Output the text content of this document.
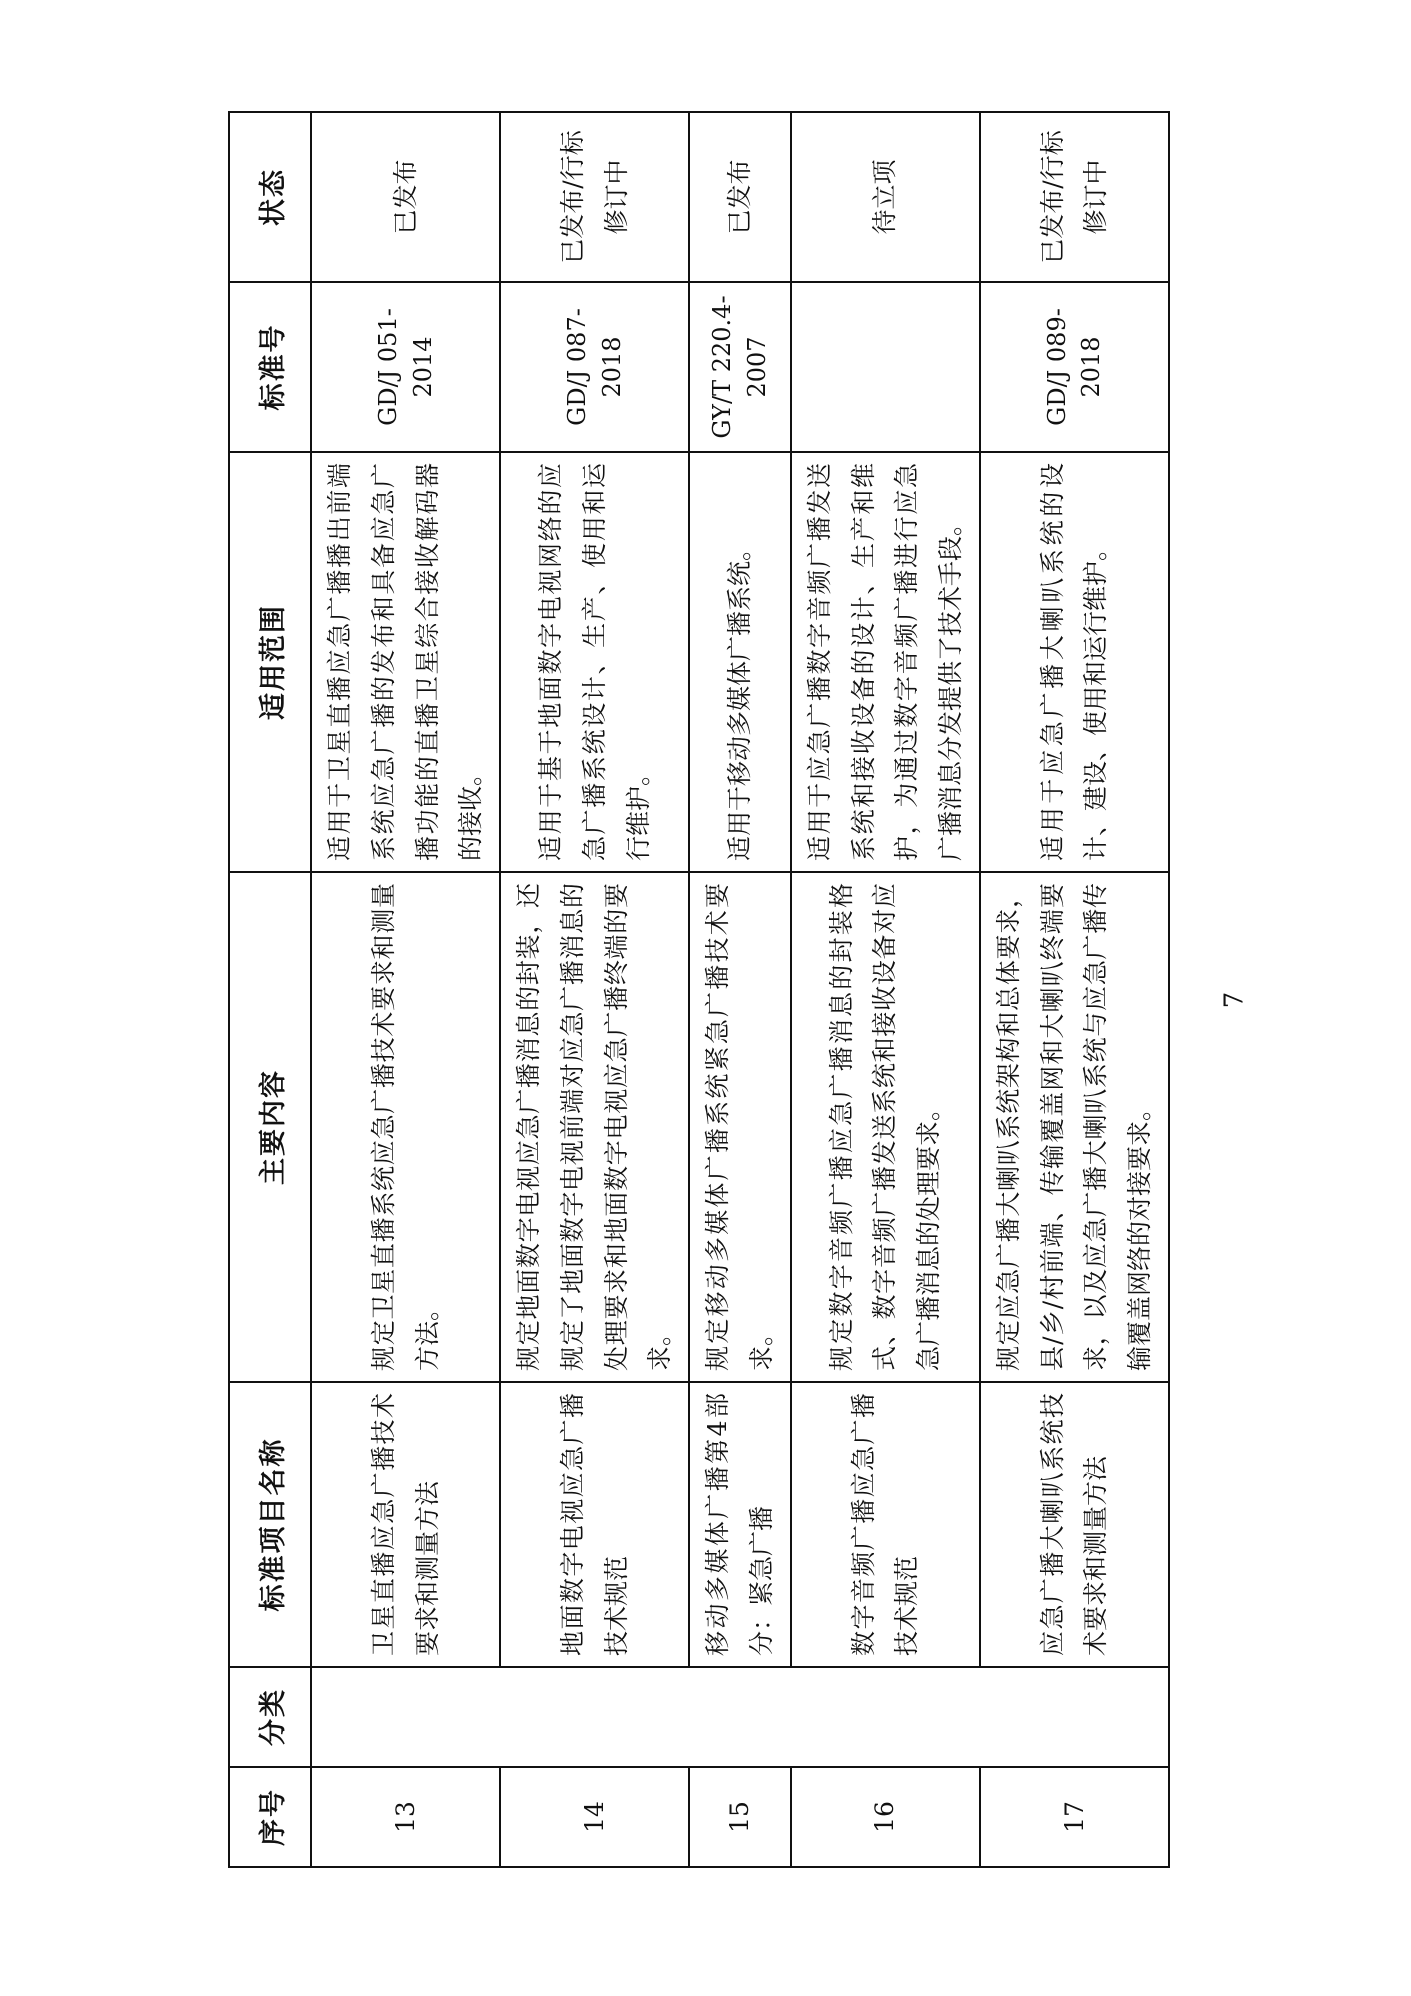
序号	分类	标准项目名称	主要内容	适用范围	标准号	状态
13		卫星直播应急广播技术要求和测量方法	规定卫星直播系统应急广播技术要求和测量方法。	适用于卫星直播应急广播播出前端系统应急广播的发布和具备应急广播功能的直播卫星综合接收解码器的接收。	GD/J 051-2014	已发布
14		地面数字电视应急广播技术规范	规定地面数字电视应急广播消息的封装，还规定了地面数字电视前端对应急广播消息的处理要求和地面数字电视应急广播终端的要求。	适用于基于地面数字电视网络的应急广播系统设计、生产、使用和运行维护。	GD/J 087-2018	已发布/行标修订中
15		移动多媒体广播第4部分：紧急广播	规定移动多媒体广播系统紧急广播技术要求。	适用于移动多媒体广播系统。	GY/T 220.4-2007	已发布
16		数字音频广播应急广播技术规范	规定数字音频广播应急广播消息的封装格式、数字音频广播发送系统和接收设备对应急广播消息的处理要求。	适用于应急广播数字音频广播发送系统和接收设备的设计、生产和维护，为通过数字音频广播进行应急广播消息分发提供了技术手段。		待立项
17		应急广播大喇叭系统技术要求和测量方法	规定应急广播大喇叭系统架构和总体要求，县/乡/村前端、传输覆盖网和大喇叭终端要求，以及应急广播大喇叭系统与应急广播传输覆盖网络的对接要求。	适用于应急广播大喇叭系统的设计、建设、使用和运行维护。	GD/J 089-2018	已发布/行标修订中
7
